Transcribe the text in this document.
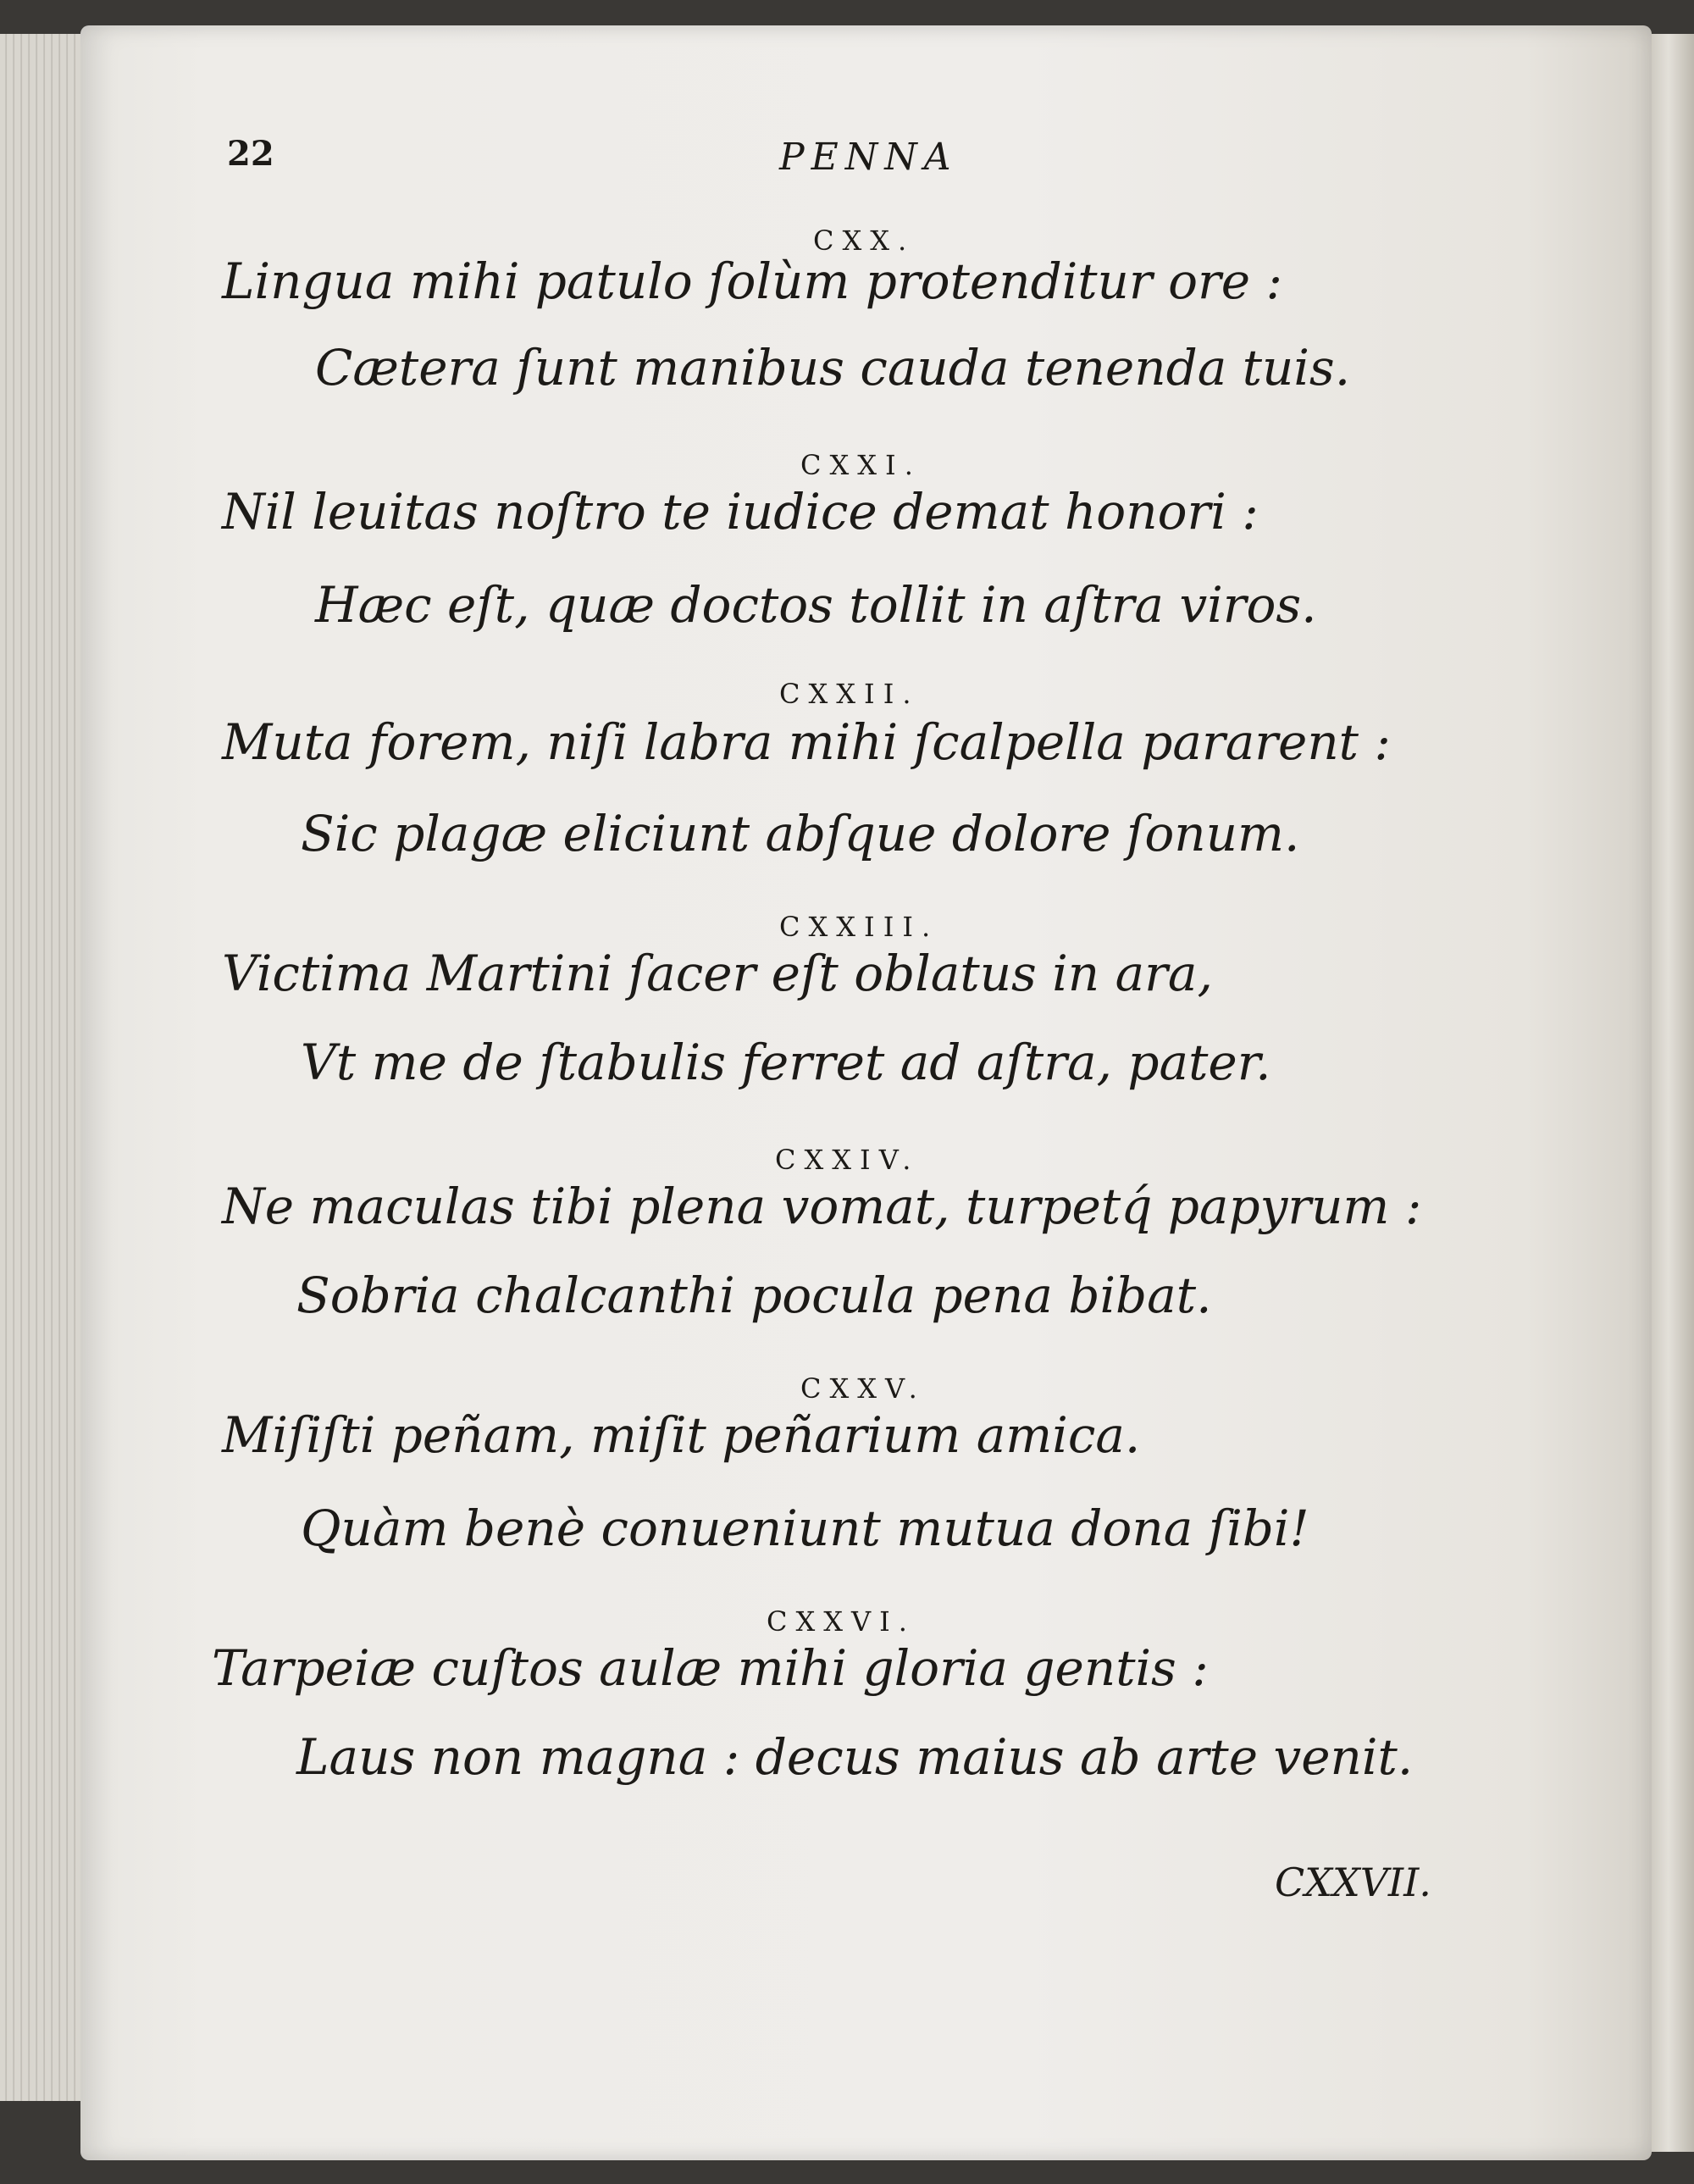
22	PENNA
CXX.
Lingua mihi patulo ſolùm protenditur ore :
Cætera ſunt manibus cauda tenenda tuis.
CXXI.
Nil leuitas noſtro te iudice demat honori :
Hæc eſt, quæ doctos tollit in aſtra viros.
CXXII.
Muta forem, niſi labra mihi ſcalpella pararent :
Sic plagæ eliciunt abſque dolore ſonum.
CXXIII.
Victima Martini ſacer eſt oblatus in ara,
Vt me de ſtabulis ferret ad aſtra, pater.
CXXIV.
Ne maculas tibi plena vomat, turpetq́ papyrum :
Sobria chalcanthi pocula pena bibat.
CXXV.
Miſiſti peñam, miſit peñarium amica.
Quàm benè conueniunt mutua dona ſibi!
CXXVI.
Tarpeiæ cuſtos aulæ mihi gloria gentis :
Laus non magna : decus maius ab arte venit.
CXXVII.
